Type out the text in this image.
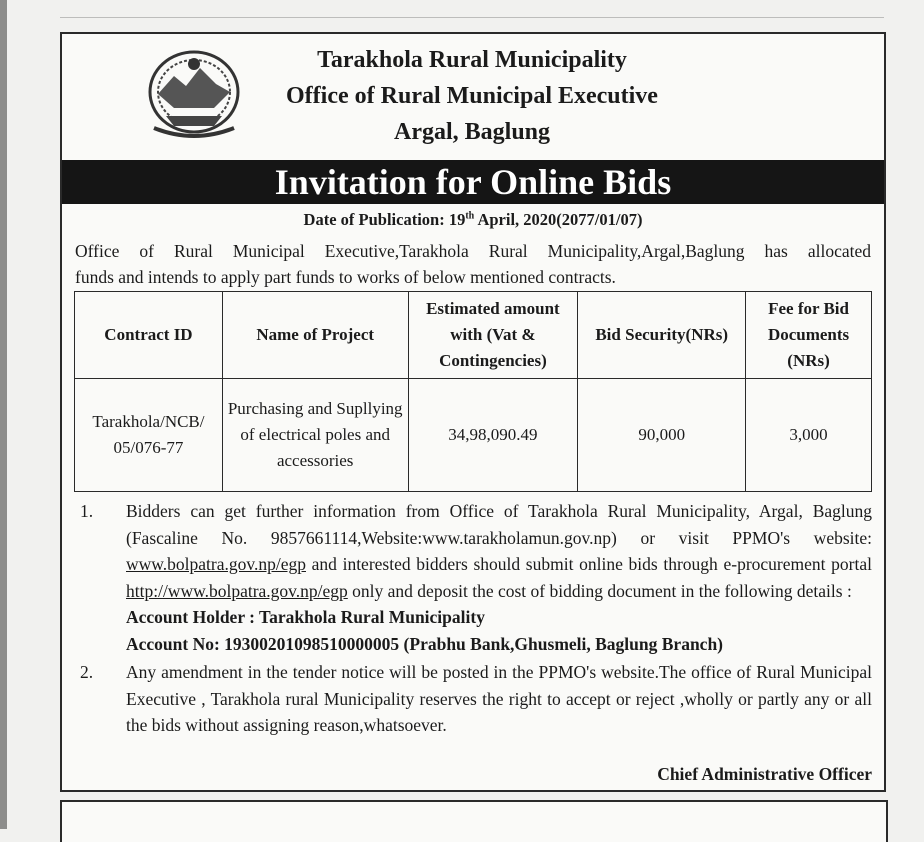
Tarakhola Rural Municipality
Office of Rural Municipal Executive
Argal, Baglung
Invitation for Online Bids
Date of Publication: 19th April, 2020(2077/01/07)
Office of Rural Municipal Executive,Tarakhola Rural Municipality,Argal,Baglung has allocated
funds and intends to apply part funds to works of below mentioned contracts.
Contract ID	Name of Project	Estimated amount with (Vat & Contingencies)	Bid Security(NRs)	Fee for Bid Documents (NRs)
Tarakhola/NCB/ 05/076-77	Purchasing and Supllying of electrical poles and accessories	34,98,090.49	90,000	3,000
1. Bidders can get further information from Office of Tarakhola Rural Municipality, Argal, Baglung (Fascaline No. 9857661114,Website:www.tarakholamun.gov.np) or visit PPMO's website: www.bolpatra.gov.np/egp and interested bidders should submit online bids through e-procurement portal http://www.bolpatra.gov.np/egp only and deposit the cost of bidding document in the following details :
Account Holder : Tarakhola Rural Municipality
Account No: 19300201098510000005 (Prabhu Bank,Ghusmeli, Baglung Branch)
2. Any amendment in the tender notice will be posted in the PPMO's website.The office of Rural Municipal Executive , Tarakhola rural Municipality reserves the right to accept or reject ,wholly or partly any or all the bids without assigning reason,whatsoever.
Chief Administrative Officer
